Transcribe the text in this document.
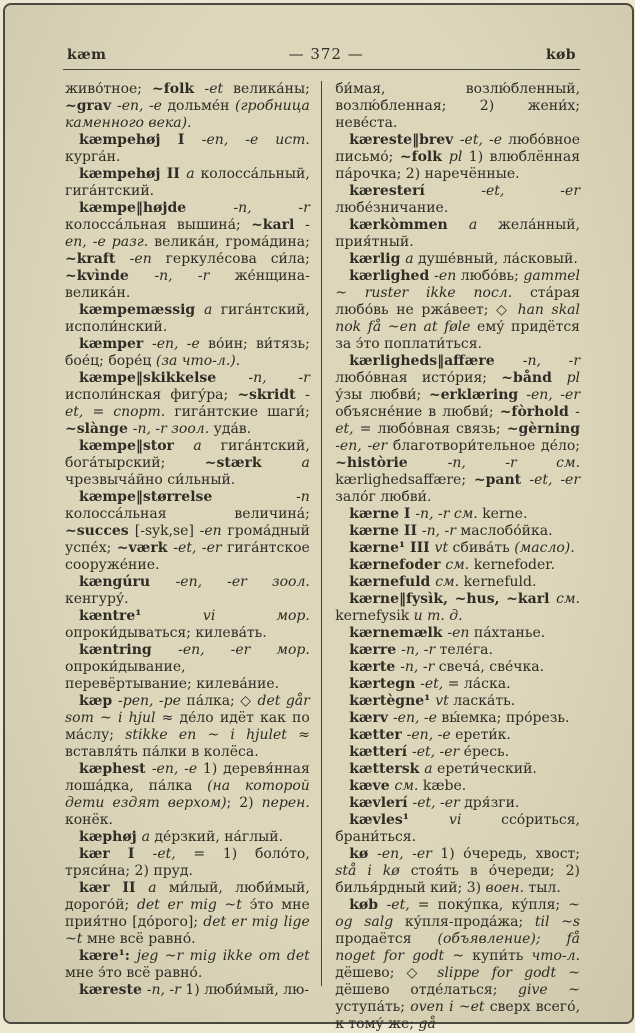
kæm	— 372 —	køb

живо́тное; ~folk -et велика́ны; ~grav -en, -e дольме́н (гробница каменного века).

kæmpehøj I -en, -e ист. курга́н.

kæmpehøj II a колосса́льный, гига́нтский.

kæmpe‖højde -n, -r колосса́льная вышина́; ~karl -en, -e разг. велика́н, грома́дина; ~kraft -en геркуле́сова си́ла; ~kvìnde -n, -r же́нщина-велика́н.

kæmpemæssig a гига́нтский, исполи́нский.

kæmper -en, -e во́ин; ви́тязь; бое́ц; боре́ц (за что-л.).

kæmpe‖skikkelse -n, -r исполи́нская фигу́ра; ~skridt -et, = спорт. гига́нтские шаги́; ~slànge -n, -r зоол. уда́в.

kæmpe‖stor a гига́нтский, бога́тырский; ~stærk a чрезвыча́йно си́льный.

kæmpe‖størrelse -n колосса́льная величина́; ~succes [-syk,se] -en грома́дный успе́х; ~værk -et, -er гига́нтское сооруже́ние.

kængúru -en, -er зоол. кенгуру́.

kæntre¹ vi мор. опроки́дываться; килева́ть.

kæntring -en, -er мор. опроки́дывание, перевёртывание; килева́ние.

kæp -pen, -pe па́лка; ◇ det går som ~ i hjul ≈ де́ло идёт как по ма́слу; stikke en ~ i hjulet ≈ вставля́ть па́лки в колёса.

kæphest -en, -e 1) деревя́нная лоша́дка, па́лка (на которой дети ездят верхом); 2) перен. конёк.

kæphøj a де́рзкий, на́глый.

kær I -et, = 1) боло́то, тряси́на; 2) пруд.

kær II a ми́лый, люби́мый, дорого́й; det er mig ~t э́то мне прия́тно [до́рого]; det er mig lige ~t мне всё равно́.

kære¹: jeg ~r mig ikke om det мне э́то всё равно́.

kæreste -n, -r 1) люби́мый, лю-

би́мая, возлю́бленный, возлю́бленная; 2) жени́х; неве́ста.

kæreste‖brev -et, -e любо́вное письмо́; ~folk pl 1) влюблённая па́рочка; 2) наречённые.

kæresterí -et, -er любе́зничание.

kærkòmmen a жела́нный, прия́тный.

kærlig a душе́вный, ла́сковый.

kærlighed -en любо́вь; gammel ~ ruster ikke посл. ста́рая любо́вь не ржа́веет; ◇ han skal nok få ~en at føle ему́ придётся за э́то поплати́ться.

kærligheds‖affære -n, -r любо́вная исто́рия; ~bånd pl у́зы любви́; ~erklæring -en, -er объясне́ние в любви́; ~fòrhold -et, = любо́вная связь; ~gèrning -en, -er благотвори́тельное де́ло; ~històrie -n, -r см. kærlighedsaffære; ~pant -et, -er зало́г любви́.

kærne I -n, -r см. kerne.

kærne II -n, -r маслобо́йка.

kærne¹ III vt сбива́ть (масло).

kærnefoder см. kernefoder.

kærnefuld см. kernefuld.

kærne‖fysìk, ~hus, ~karl см. kernefysik и т. д.

kærnemælk -en па́хтанье.

kærre -n, -r теле́га.

kærte -n, -r свеча́, све́чка.

kærtegn -et, = ла́ска.

kærtègne¹ vt ласка́ть.

kærv -en, -e вы́емка; про́резь.

kætter -en, -e ерети́к.

kætterí -et, -er е́ресь.

kættersk a ерети́ческий.

kæve см. kæbe.

kævlerí -et, -er дря́зги.

kævles¹ vi ссо́риться, брани́ться.

kø -en, -er 1) о́чередь, хвост; stå i kø стоя́ть в о́череди; 2) билья́рдный кий; 3) воен. тыл.

køb -et, = поку́пка, ку́пля; ~ og salg ку́пля-прода́жа; til ~s продаётся (объявление); få noget for godt ~ купи́ть что-л. дёшево; ◇ slippe for godt ~ дёшево отде́латься; give ~ уступа́ть; oven i ~et сверх всего́, к тому́ же; gå
